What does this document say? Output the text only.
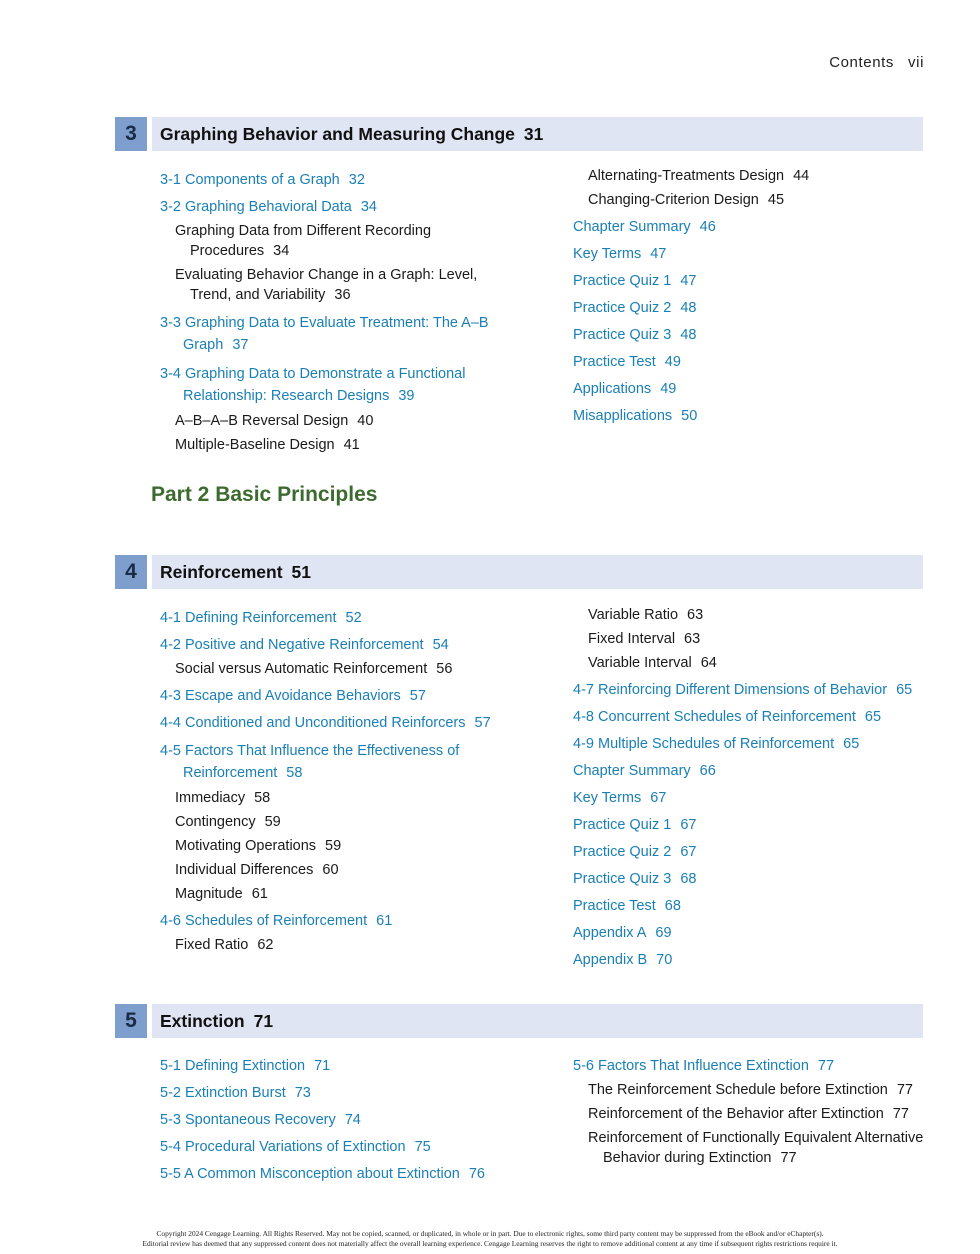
Contents vii
3	Graphing Behavior and Measuring Change 31
3-1 Components of a Graph 32
3-2 Graphing Behavioral Data 34
Graphing Data from Different Recording
Procedures 34
Evaluating Behavior Change in a Graph: Level,
Trend, and Variability 36
3-3 Graphing Data to Evaluate Treatment: The A–B
Graph 37
3-4 Graphing Data to Demonstrate a Functional
Relationship: Research Designs 39
A–B–A–B Reversal Design 40
Multiple-Baseline Design 41
Alternating-Treatments Design 44
Changing-Criterion Design 45
Chapter Summary 46
Key Terms 47
Practice Quiz 1 47
Practice Quiz 2 48
Practice Quiz 3 48
Practice Test 49
Applications 49
Misapplications 50
Part 2 Basic Principles
4	Reinforcement 51
4-1 Defining Reinforcement 52
4-2 Positive and Negative Reinforcement 54
Social versus Automatic Reinforcement 56
4-3 Escape and Avoidance Behaviors 57
4-4 Conditioned and Unconditioned Reinforcers 57
4-5 Factors That Influence the Effectiveness of
Reinforcement 58
Immediacy 58
Contingency 59
Motivating Operations 59
Individual Differences 60
Magnitude 61
4-6 Schedules of Reinforcement 61
Fixed Ratio 62
Variable Ratio 63
Fixed Interval 63
Variable Interval 64
4-7 Reinforcing Different Dimensions of Behavior 65
4-8 Concurrent Schedules of Reinforcement 65
4-9 Multiple Schedules of Reinforcement 65
Chapter Summary 66
Key Terms 67
Practice Quiz 1 67
Practice Quiz 2 67
Practice Quiz 3 68
Practice Test 68
Appendix A 69
Appendix B 70
5	Extinction 71
5-1 Defining Extinction 71
5-2 Extinction Burst 73
5-3 Spontaneous Recovery 74
5-4 Procedural Variations of Extinction 75
5-5 A Common Misconception about Extinction 76
5-6 Factors That Influence Extinction 77
The Reinforcement Schedule before Extinction 77
Reinforcement of the Behavior after Extinction 77
Reinforcement of Functionally Equivalent Alternative
Behavior during Extinction 77
Copyright 2024 Cengage Learning. All Rights Reserved. May not be copied, scanned, or duplicated, in whole or in part. Due to electronic rights, some third party content may be suppressed from the eBook and/or eChapter(s).
Editorial review has deemed that any suppressed content does not materially affect the overall learning experience. Cengage Learning reserves the right to remove additional content at any time if subsequent rights restrictions require it.
